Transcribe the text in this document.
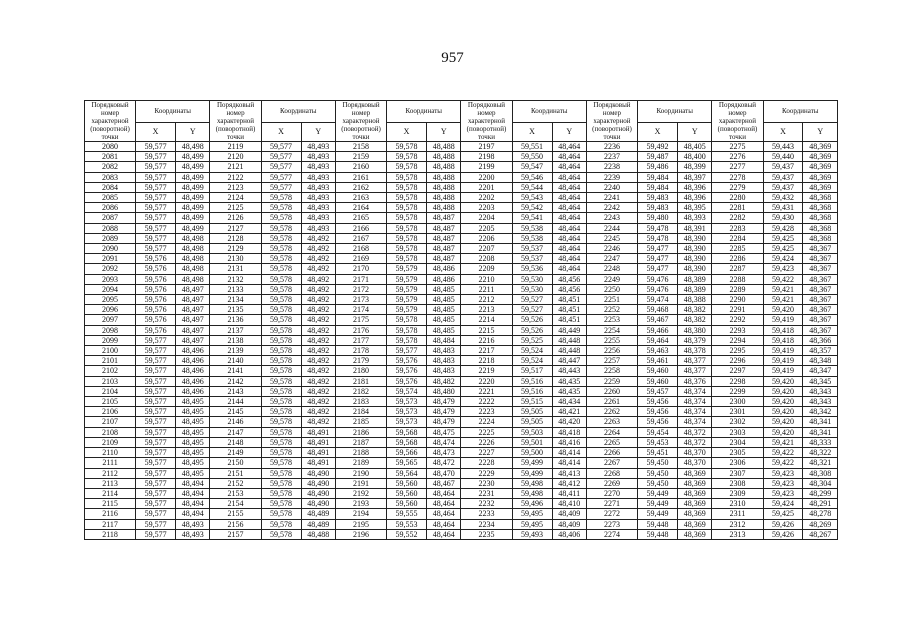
957
Порядковый номер характерной (поворотной) точки	Координаты		Порядковый номер характерной (поворотной) точки	Координаты		Порядковый номер характерной (поворотной) точки	Координаты		Порядковый номер характерной (поворотной) точки	Координаты		Порядковый номер характерной (поворотной) точки	Координаты		Порядковый номер характерной (поворотной) точки	Координаты	
	X	Y		X	Y		X	Y		X	Y		X	Y		X	Y
2080	59,577	48,498	2119	59,577	48,493	2158	59,578	48,488	2197	59,551	48,464	2236	59,492	48,405	2275	59,443	48,369
2081	59,577	48,499	2120	59,577	48,493	2159	59,578	48,488	2198	59,550	48,464	2237	59,487	48,400	2276	59,440	48,369
2082	59,577	48,499	2121	59,577	48,493	2160	59,578	48,488	2199	59,547	48,464	2238	59,486	48,399	2277	59,437	48,369
2083	59,577	48,499	2122	59,577	48,493	2161	59,578	48,488	2200	59,546	48,464	2239	59,484	48,397	2278	59,437	48,369
2084	59,577	48,499	2123	59,577	48,493	2162	59,578	48,488	2201	59,544	48,464	2240	59,484	48,396	2279	59,437	48,369
2085	59,577	48,499	2124	59,578	48,493	2163	59,578	48,488	2202	59,543	48,464	2241	59,483	48,396	2280	59,432	48,368
2086	59,577	48,499	2125	59,578	48,493	2164	59,578	48,488	2203	59,542	48,464	2242	59,483	48,395	2281	59,431	48,368
2087	59,577	48,499	2126	59,578	48,493	2165	59,578	48,487	2204	59,541	48,464	2243	59,480	48,393	2282	59,430	48,368
2088	59,577	48,499	2127	59,578	48,493	2166	59,578	48,487	2205	59,538	48,464	2244	59,478	48,391	2283	59,428	48,368
2089	59,577	48,498	2128	59,578	48,492	2167	59,578	48,487	2206	59,538	48,464	2245	59,478	48,390	2284	59,425	48,368
2090	59,577	48,498	2129	59,578	48,492	2168	59,578	48,487	2207	59,537	48,464	2246	59,477	48,390	2285	59,425	48,367
2091	59,576	48,498	2130	59,578	48,492	2169	59,578	48,487	2208	59,537	48,464	2247	59,477	48,390	2286	59,424	48,367
2092	59,576	48,498	2131	59,578	48,492	2170	59,579	48,486	2209	59,536	48,464	2248	59,477	48,390	2287	59,423	48,367
2093	59,576	48,498	2132	59,578	48,492	2171	59,579	48,486	2210	59,530	48,456	2249	59,476	48,389	2288	59,422	48,367
2094	59,576	48,497	2133	59,578	48,492	2172	59,579	48,485	2211	59,530	48,456	2250	59,476	48,389	2289	59,421	48,367
2095	59,576	48,497	2134	59,578	48,492	2173	59,579	48,485	2212	59,527	48,451	2251	59,474	48,388	2290	59,421	48,367
2096	59,576	48,497	2135	59,578	48,492	2174	59,579	48,485	2213	59,527	48,451	2252	59,468	48,382	2291	59,420	48,367
2097	59,576	48,497	2136	59,578	48,492	2175	59,578	48,485	2214	59,526	48,451	2253	59,467	48,382	2292	59,419	48,367
2098	59,576	48,497	2137	59,578	48,492	2176	59,578	48,485	2215	59,526	48,449	2254	59,466	48,380	2293	59,418	48,367
2099	59,577	48,497	2138	59,578	48,492	2177	59,578	48,484	2216	59,525	48,448	2255	59,464	48,379	2294	59,418	48,366
2100	59,577	48,496	2139	59,578	48,492	2178	59,577	48,483	2217	59,524	48,448	2256	59,463	48,378	2295	59,419	48,357
2101	59,577	48,496	2140	59,578	48,492	2179	59,576	48,483	2218	59,524	48,447	2257	59,461	48,377	2296	59,419	48,348
2102	59,577	48,496	2141	59,578	48,492	2180	59,576	48,483	2219	59,517	48,443	2258	59,460	48,377	2297	59,419	48,347
2103	59,577	48,496	2142	59,578	48,492	2181	59,576	48,482	2220	59,516	48,435	2259	59,460	48,376	2298	59,420	48,345
2104	59,577	48,496	2143	59,578	48,492	2182	59,574	48,480	2221	59,516	48,435	2260	59,457	48,374	2299	59,420	48,343
2105	59,577	48,495	2144	59,578	48,492	2183	59,573	48,479	2222	59,515	48,434	2261	59,456	48,374	2300	59,420	48,343
2106	59,577	48,495	2145	59,578	48,492	2184	59,573	48,479	2223	59,505	48,421	2262	59,456	48,374	2301	59,420	48,342
2107	59,577	48,495	2146	59,578	48,492	2185	59,573	48,479	2224	59,505	48,420	2263	59,456	48,374	2302	59,420	48,341
2108	59,577	48,495	2147	59,578	48,491	2186	59,568	48,475	2225	59,503	48,418	2264	59,454	48,372	2303	59,420	48,341
2109	59,577	48,495	2148	59,578	48,491	2187	59,568	48,474	2226	59,501	48,416	2265	59,453	48,372	2304	59,421	48,333
2110	59,577	48,495	2149	59,578	48,491	2188	59,566	48,473	2227	59,500	48,414	2266	59,451	48,370	2305	59,422	48,322
2111	59,577	48,495	2150	59,578	48,491	2189	59,565	48,472	2228	59,499	48,414	2267	59,450	48,370	2306	59,422	48,321
2112	59,577	48,495	2151	59,578	48,490	2190	59,564	48,470	2229	59,499	48,413	2268	59,450	48,369	2307	59,423	48,308
2113	59,577	48,494	2152	59,578	48,490	2191	59,560	48,467	2230	59,498	48,412	2269	59,450	48,369	2308	59,423	48,304
2114	59,577	48,494	2153	59,578	48,490	2192	59,560	48,464	2231	59,498	48,411	2270	59,449	48,369	2309	59,423	48,299
2115	59,577	48,494	2154	59,578	48,490	2193	59,560	48,464	2232	59,496	48,410	2271	59,449	48,369	2310	59,424	48,291
2116	59,577	48,494	2155	59,578	48,489	2194	59,555	48,464	2233	59,495	48,409	2272	59,449	48,369	2311	59,425	48,278
2117	59,577	48,493	2156	59,578	48,489	2195	59,553	48,464	2234	59,495	48,409	2273	59,448	48,369	2312	59,426	48,269
2118	59,577	48,493	2157	59,578	48,488	2196	59,552	48,464	2235	59,493	48,406	2274	59,448	48,369	2313	59,426	48,267
